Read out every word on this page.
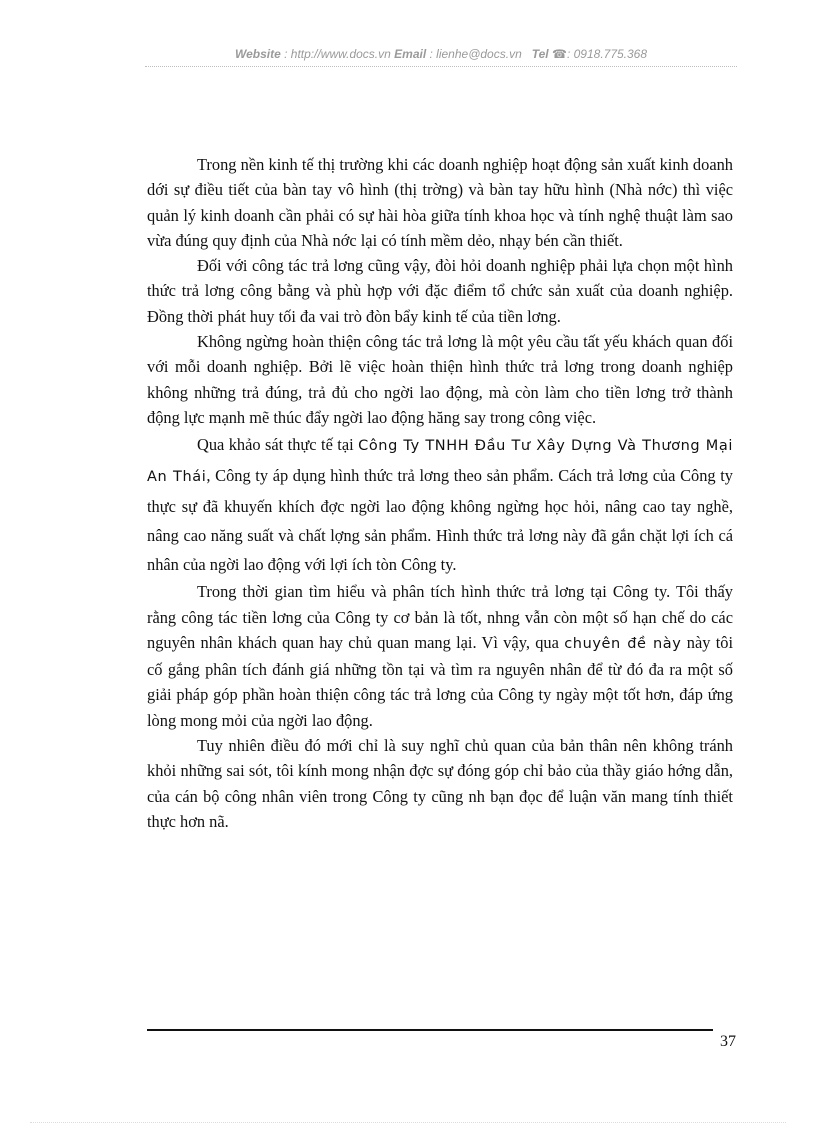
Website : http://www.docs.vn Email : lienhe@docs.vn   Tel ☎: 0918.775.368

Trong nền kinh tế thị trường khi các doanh nghiệp hoạt động sản xuất kinh doanh dới sự điều tiết của bàn tay vô hình (thị trờng) và bàn tay hữu hình (Nhà nớc) thì việc quản lý kinh doanh cần phải có sự hài hòa giữa tính khoa học và tính nghệ thuật làm sao vừa đúng quy định của Nhà nớc lại có tính mềm dẻo, nhạy bén cần thiết.

Đối với công tác trả lơng cũng vậy, đòi hỏi doanh nghiệp phải lựa chọn một hình thức trả lơng công bằng và phù hợp với đặc điểm tổ chức sản xuất của doanh nghiệp. Đồng thời phát huy tối đa vai trò đòn bẩy kinh tế của tiền lơng.

Không ngừng hoàn thiện công tác trả lơng là một yêu cầu tất yếu khách quan đối với mỗi doanh nghiệp. Bởi lẽ việc hoàn thiện hình thức trả lơng trong doanh nghiệp không những trả đúng, trả đủ cho ngời lao động, mà còn làm cho tiền lơng trở thành động lực mạnh mẽ thúc đẩy ngời lao động hăng say trong công việc.

Qua khảo sát thực tế tại Công Ty TNHH Đầu Tư Xây Dựng Và Thương Mại An Thái, Công ty áp dụng hình thức trả lơng theo sản phẩm. Cách trả lơng của Công ty thực sự đã khuyến khích đợc ngời lao động không ngừng học hỏi, nâng cao tay nghề, nâng cao năng suất và chất lợng sản phẩm. Hình thức trả lơng này đã gắn chặt lợi ích cá nhân của ngời lao động với lợi ích tòn Công ty.

Trong thời gian tìm hiểu và phân tích hình thức trả lơng tại Công ty. Tôi thấy rằng công tác tiền lơng của Công ty cơ bản là tốt, nhng vẫn còn một số hạn chế do các nguyên nhân khách quan hay chủ quan mang lại. Vì vậy, qua chuyên đề này này tôi cố gắng phân tích đánh giá những tồn tại và tìm ra nguyên nhân để từ đó đa ra một số giải pháp góp phần hoàn thiện công tác trả lơng của Công ty ngày một tốt hơn, đáp ứng lòng mong mỏi của ngời lao động.

Tuy nhiên điều đó mới chỉ là suy nghĩ chủ quan của bản thân nên không tránh khỏi những sai sót, tôi kính mong nhận đợc sự đóng góp chỉ bảo của thầy giáo hớng dẫn, của cán bộ công nhân viên trong Công ty cũng nh bạn đọc để luận văn mang tính thiết thực hơn nã.

37
